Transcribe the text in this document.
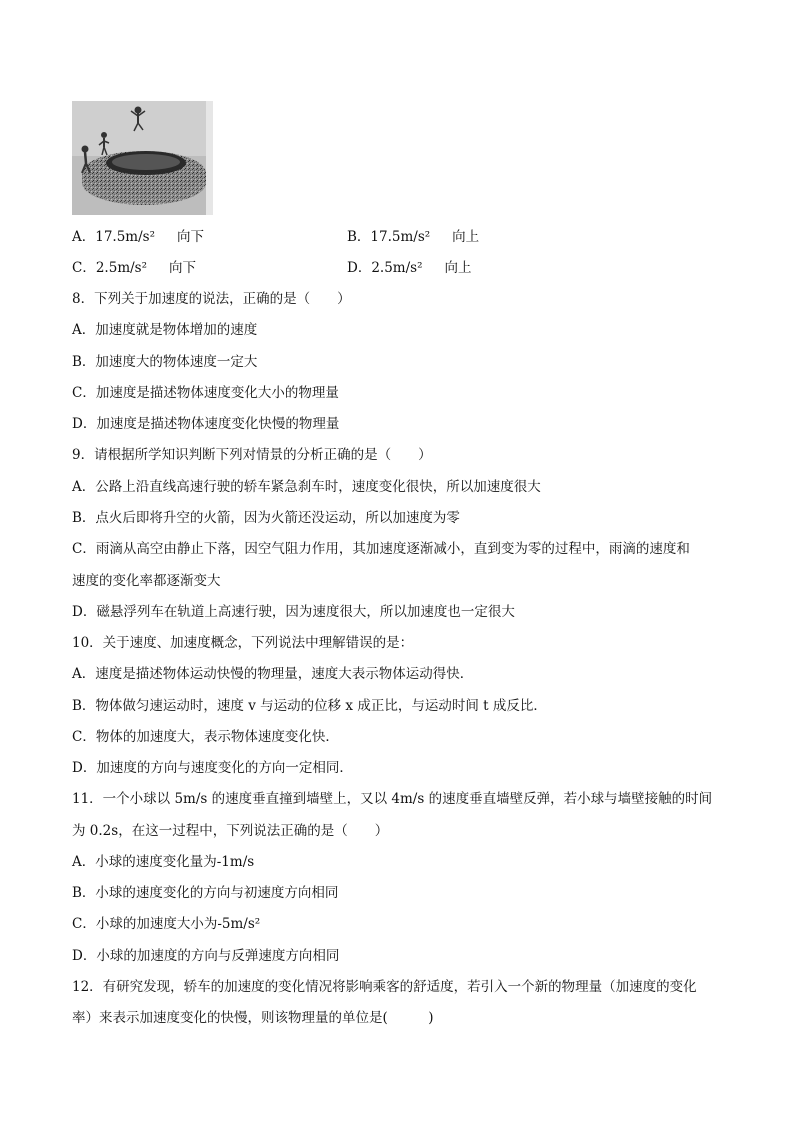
A．17.5m/s² 向下	B．17.5m/s² 向上
C．2.5m/s² 向下	D．2.5m/s² 向上
8．下列关于加速度的说法，正确的是（　　）
A．加速度就是物体增加的速度
B．加速度大的物体速度一定大
C．加速度是描述物体速度变化大小的物理量
D．加速度是描述物体速度变化快慢的物理量
9．请根据所学知识判断下列对情景的分析正确的是（　　）
A．公路上沿直线高速行驶的轿车紧急刹车时，速度变化很快，所以加速度很大
B．点火后即将升空的火箭，因为火箭还没运动，所以加速度为零
C．雨滴从高空由静止下落，因空气阻力作用，其加速度逐渐减小，直到变为零的过程中，雨滴的速度和
速度的变化率都逐渐变大
D．磁悬浮列车在轨道上高速行驶，因为速度很大，所以加速度也一定很大
10．关于速度、加速度概念，下列说法中理解错误的是：
A．速度是描述物体运动快慢的物理量，速度大表示物体运动得快．
B．物体做匀速运动时，速度 v 与运动的位移 x 成正比，与运动时间 t 成反比．
C．物体的加速度大，表示物体速度变化快．
D．加速度的方向与速度变化的方向一定相同．
11．一个小球以 5m/s 的速度垂直撞到墙壁上，又以 4m/s 的速度垂直墙壁反弹，若小球与墙壁接触的时间
为 0.2s，在这一过程中，下列说法正确的是（　　）
A．小球的速度变化量为-1m/s
B．小球的速度变化的方向与初速度方向相同
C．小球的加速度大小为-5m/s²
D．小球的加速度的方向与反弹速度方向相同
12．有研究发现，轿车的加速度的变化情况将影响乘客的舒适度，若引入一个新的物理量（加速度的变化
率）来表示加速度变化的快慢，则该物理量的单位是(　　　)
